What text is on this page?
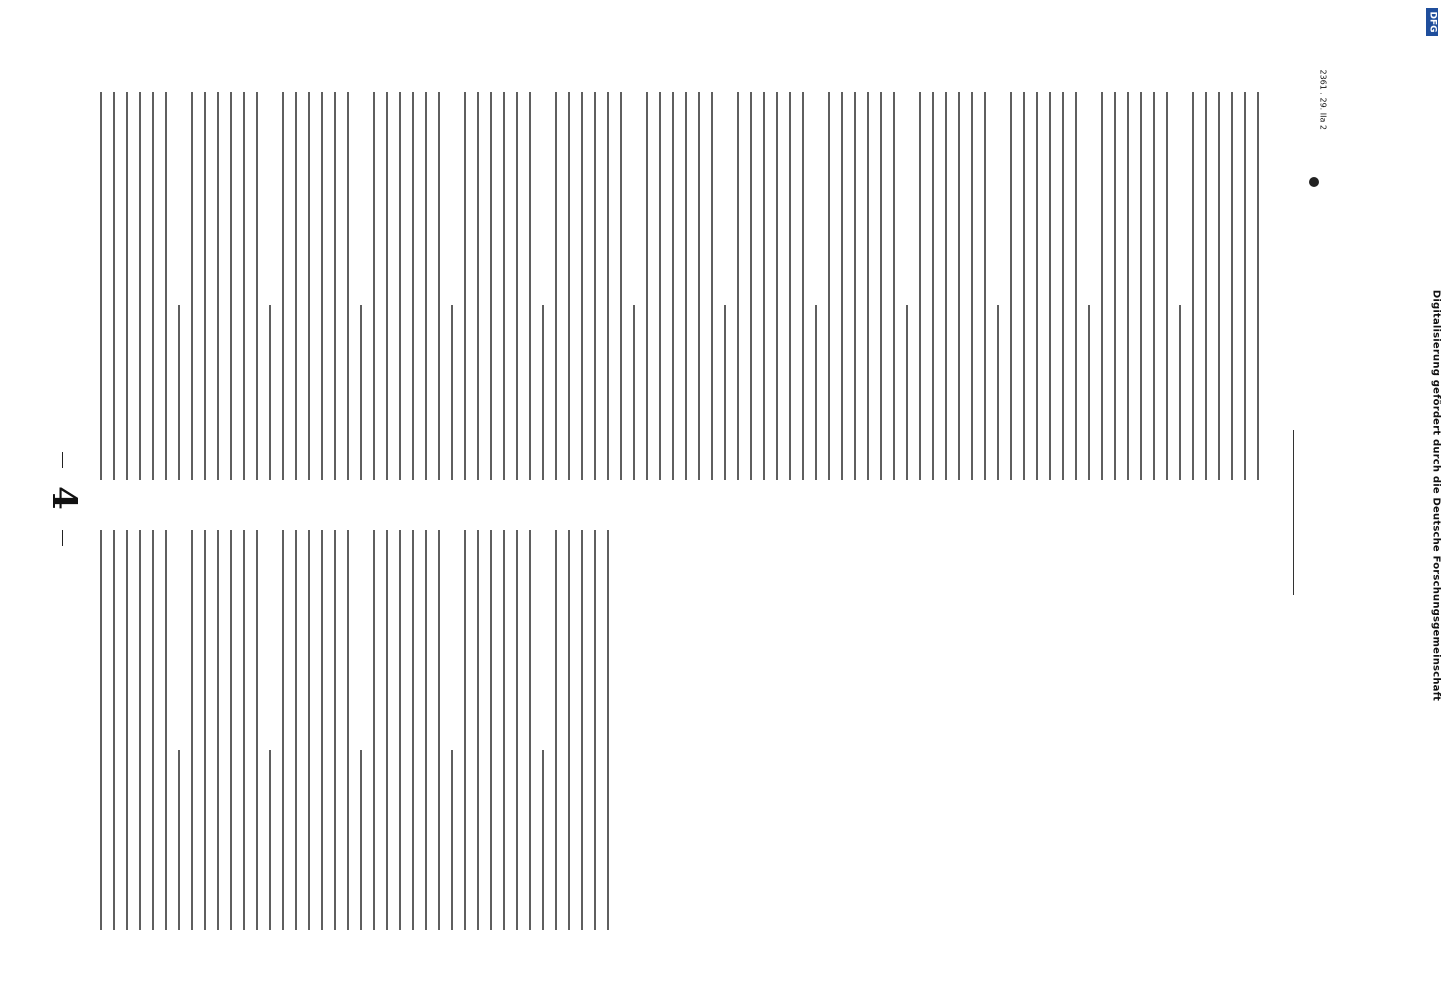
4
2361 . 29. IIa 2
Digitalisierung gefördert durch die Deutsche Forschungsgemeinschaft
DFG
